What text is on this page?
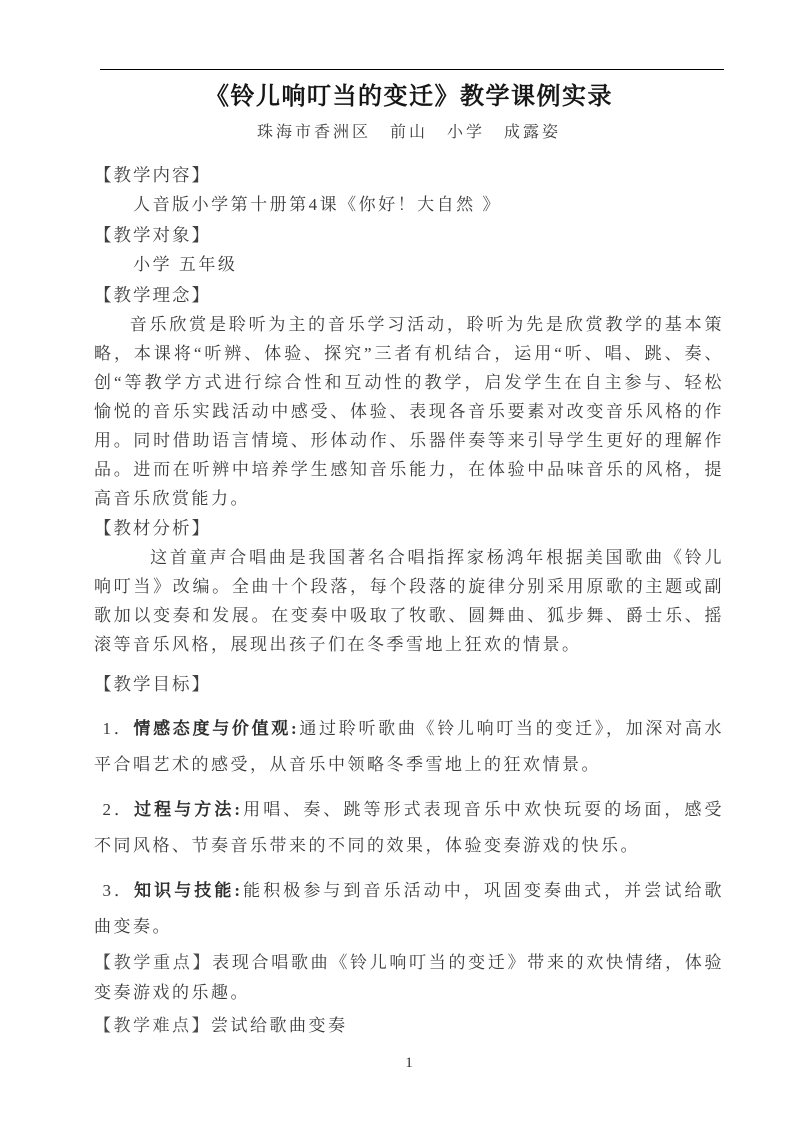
《铃儿响叮当的变迁》教学课例实录
珠海市香洲区　前山　小学　成露姿
【教学内容】
人音版小学第十册第4课《你好！大自然 》
【教学对象】
小学 五年级
【教学理念】

音乐欣赏是聆听为主的音乐学习活动，聆听为先是欣赏教学的基本策略，本课将“听辨、体验、探究”三者有机结合，运用“听、唱、跳、奏、创“等教学方式进行综合性和互动性的教学，启发学生在自主参与、轻松愉悦的音乐实践活动中感受、体验、表现各音乐要素对改变音乐风格的作用。同时借助语言情境、形体动作、乐器伴奏等来引导学生更好的理解作品。进而在听辨中培养学生感知音乐能力，在体验中品味音乐的风格，提高音乐欣赏能力。

【教材分析】

这首童声合唱曲是我国著名合唱指挥家杨鸿年根据美国歌曲《铃儿响叮当》改编。全曲十个段落，每个段落的旋律分别采用原歌的主题或副歌加以变奏和发展。在变奏中吸取了牧歌、圆舞曲、狐步舞、爵士乐、摇滚等音乐风格，展现出孩子们在冬季雪地上狂欢的情景。

【教学目标】

1．情感态度与价值观:通过聆听歌曲《铃儿响叮当的变迁》，加深对高水平合唱艺术的感受，从音乐中领略冬季雪地上的狂欢情景。

2．过程与方法:用唱、奏、跳等形式表现音乐中欢快玩耍的场面，感受不同风格、节奏音乐带来的不同的效果，体验变奏游戏的快乐。

3．知识与技能:能积极参与到音乐活动中，巩固变奏曲式，并尝试给歌曲变奏。

【教学重点】表现合唱歌曲《铃儿响叮当的变迁》带来的欢快情绪，体验变奏游戏的乐趣。

【教学难点】尝试给歌曲变奏

1
